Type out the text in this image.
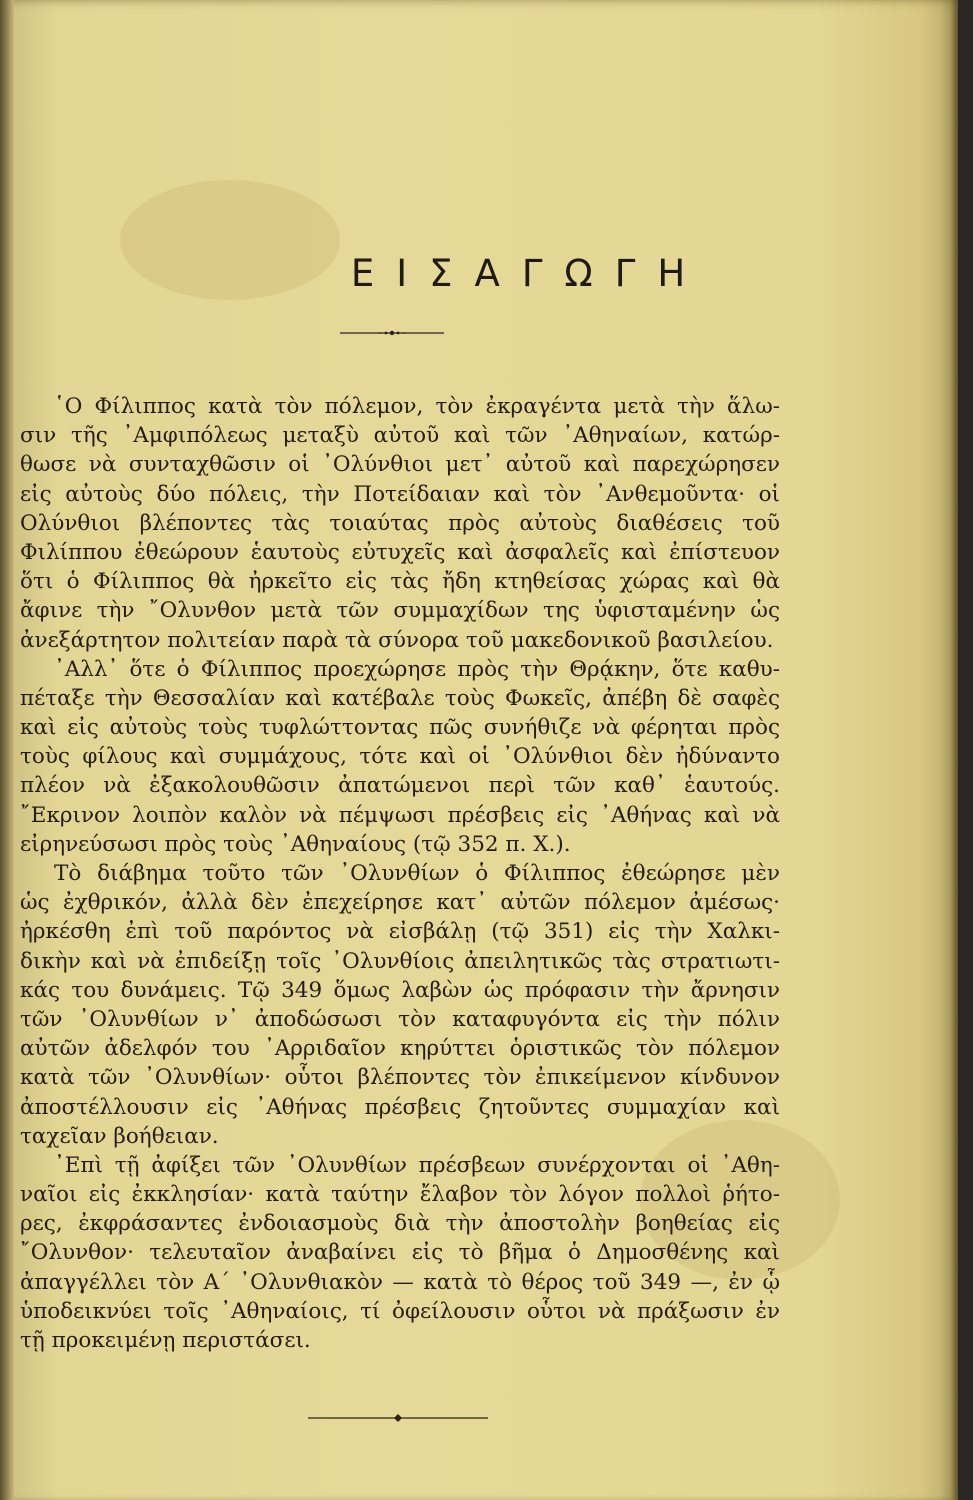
ΕΙΣΑΓΩΓΗ
῾Ο Φίλιππος κατὰ τὸν πόλεμον, τὸν ἐκραγέντα μετὰ τὴν ἅλω-
σιν τῆς ᾽Αμφιπόλεως μεταξὺ αὐτοῦ καὶ τῶν ᾽Αθηναίων, κατώρ-
θωσε νὰ συνταχθῶσιν οἱ ᾽Ολύνθιοι μετ᾽ αὐτοῦ καὶ παρεχώρησεν
εἰς αὐτοὺς δύο πόλεις, τὴν Ποτείδαιαν καὶ τὸν ᾽Ανθεμοῦντα· οἱ
Ολύνθιοι βλέποντες τὰς τοιαύτας πρὸς αὐτοὺς διαθέσεις τοῦ
Φιλίππου ἐθεώρουν ἑαυτοὺς εὐτυχεῖς καὶ ἀσφαλεῖς καὶ ἐπίστευον
ὅτι ὁ Φίλιππος θὰ ἠρκεῖτο εἰς τὰς ἤδη κτηθείσας χώρας καὶ θὰ
ἄφινε τὴν ῎Ολυνθον μετὰ τῶν συμμαχίδων της ὑφισταμένην ὡς
ἀνεξάρτητον πολιτείαν παρὰ τὰ σύνορα τοῦ μακεδονικοῦ βασιλείου.
᾽Αλλ᾽ ὅτε ὁ Φίλιππος προεχώρησε πρὸς τὴν Θρᾴκην, ὅτε καθυ-
πέταξε τὴν Θεσσαλίαν καὶ κατέβαλε τοὺς Φωκεῖς, ἀπέβη δὲ σαφὲς
καὶ εἰς αὐτοὺς τοὺς τυφλώττοντας πῶς συνήθιζε νὰ φέρηται πρὸς
τοὺς φίλους καὶ συμμάχους, τότε καὶ οἱ ᾽Ολύνθιοι δὲν ἠδύναντο
πλέον νὰ ἐξακολουθῶσιν ἀπατώμενοι περὶ τῶν καθ᾽ ἑαυτούς.
῎Εκρινον λοιπὸν καλὸν νὰ πέμψωσι πρέσβεις εἰς ᾽Αθήνας καὶ νὰ
εἰρηνεύσωσι πρὸς τοὺς ᾽Αθηναίους (τῷ 352 π. Χ.).
Τὸ διάβημα τοῦτο τῶν ᾽Ολυνθίων ὁ Φίλιππος ἐθεώρησε μὲν
ὡς ἐχθρικόν, ἀλλὰ δὲν ἐπεχείρησε κατ᾽ αὐτῶν πόλεμον ἀμέσως·
ἠρκέσθη ἐπὶ τοῦ παρόντος νὰ εἰσβάλῃ (τῷ 351) εἰς τὴν Χαλκι-
δικὴν καὶ νὰ ἐπιδείξῃ τοῖς ᾽Ολυνθίοις ἀπειλητικῶς τὰς στρατιωτι-
κάς του δυνάμεις. Τῷ 349 ὅμως λαβὼν ὡς πρόφασιν τὴν ἄρνησιν
τῶν ᾽Ολυνθίων ν᾽ ἀποδώσωσι τὸν καταφυγόντα εἰς τὴν πόλιν
αὐτῶν ἀδελφόν του ᾽Αρριδαῖον κηρύττει ὁριστικῶς τὸν πόλεμον
κατὰ τῶν ᾽Ολυνθίων· οὗτοι βλέποντες τὸν ἐπικείμενον κίνδυνον
ἀποστέλλουσιν εἰς ᾽Αθήνας πρέσβεις ζητοῦντες συμμαχίαν καὶ
ταχεῖαν βοήθειαν.
᾽Επὶ τῇ ἀφίξει τῶν ᾽Ολυνθίων πρέσβεων συνέρχονται οἱ ᾽Αθη-
ναῖοι εἰς ἐκκλησίαν· κατὰ ταύτην ἔλαβον τὸν λόγον πολλοὶ ῥήτο-
ρες, ἐκφράσαντες ἐνδοιασμοὺς διὰ τὴν ἀποστολὴν βοηθείας εἰς
῎Ολυνθον· τελευταῖον ἀναβαίνει εἰς τὸ βῆμα ὁ Δημοσθένης καὶ
ἀπαγγέλλει τὸν Α΄ ᾽Ολυνθιακὸν — κατὰ τὸ θέρος τοῦ 349 —, ἐν ᾧ
ὑποδεικνύει τοῖς ᾽Αθηναίοις, τί ὀφείλουσιν οὗτοι νὰ πράξωσιν ἐν
τῇ προκειμένῃ περιστάσει.
